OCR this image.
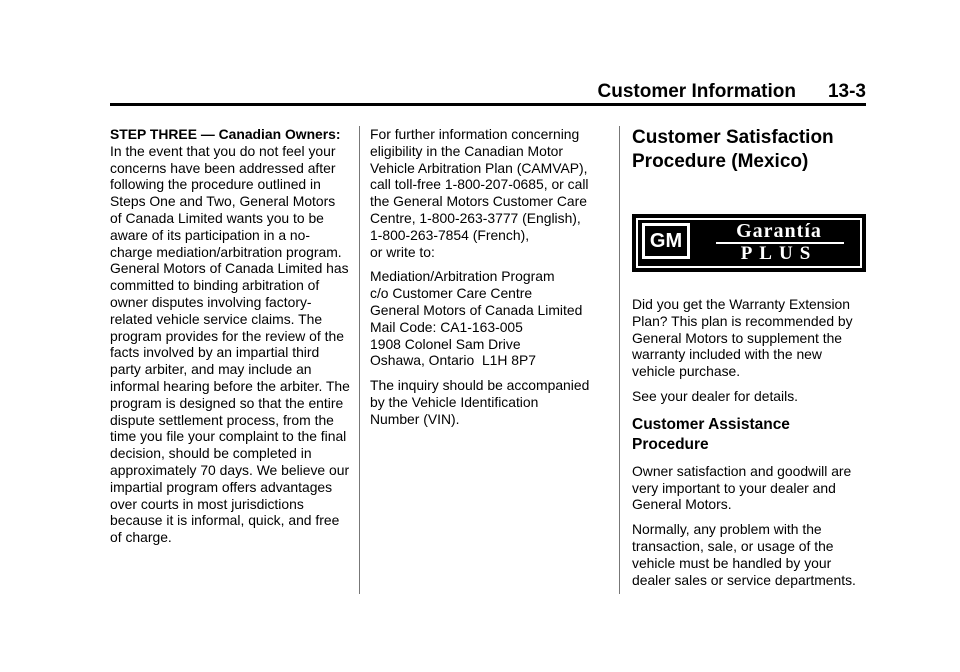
Customer Information 13-3

STEP THREE — Canadian Owners: In the event that you do not feel your concerns have been addressed after following the procedure outlined in Steps One and Two, General Motors of Canada Limited wants you to be aware of its participation in a no-charge mediation/arbitration program. General Motors of Canada Limited has committed to binding arbitration of owner disputes involving factory-related vehicle service claims. The program provides for the review of the facts involved by an impartial third party arbiter, and may include an informal hearing before the arbiter. The program is designed so that the entire dispute settlement process, from the time you file your complaint to the final decision, should be completed in approximately 70 days. We believe our impartial program offers advantages over courts in most jurisdictions because it is informal, quick, and free of charge.

For further information concerning
eligibility in the Canadian Motor
Vehicle Arbitration Plan (CAMVAP),
call toll-free 1-800-207-0685, or call
the General Motors Customer Care
Centre, 1-800-263-3777 (English),
1-800-263-7854 (French),
or write to:

Mediation/Arbitration Program
c/o Customer Care Centre
General Motors of Canada Limited
Mail Code: CA1-163-005
1908 Colonel Sam Drive
Oshawa, Ontario  L1H 8P7

The inquiry should be accompanied
by the Vehicle Identification
Number (VIN).

Customer Satisfaction
Procedure (Mexico)
GM	Garantía
PLUS

Did you get the Warranty Extension Plan? This plan is recommended by General Motors to supplement the warranty included with the new vehicle purchase.

See your dealer for details.

Customer Assistance
Procedure

Owner satisfaction and goodwill are very important to your dealer and General Motors.

Normally, any problem with the transaction, sale, or usage of the vehicle must be handled by your dealer sales or service departments.
